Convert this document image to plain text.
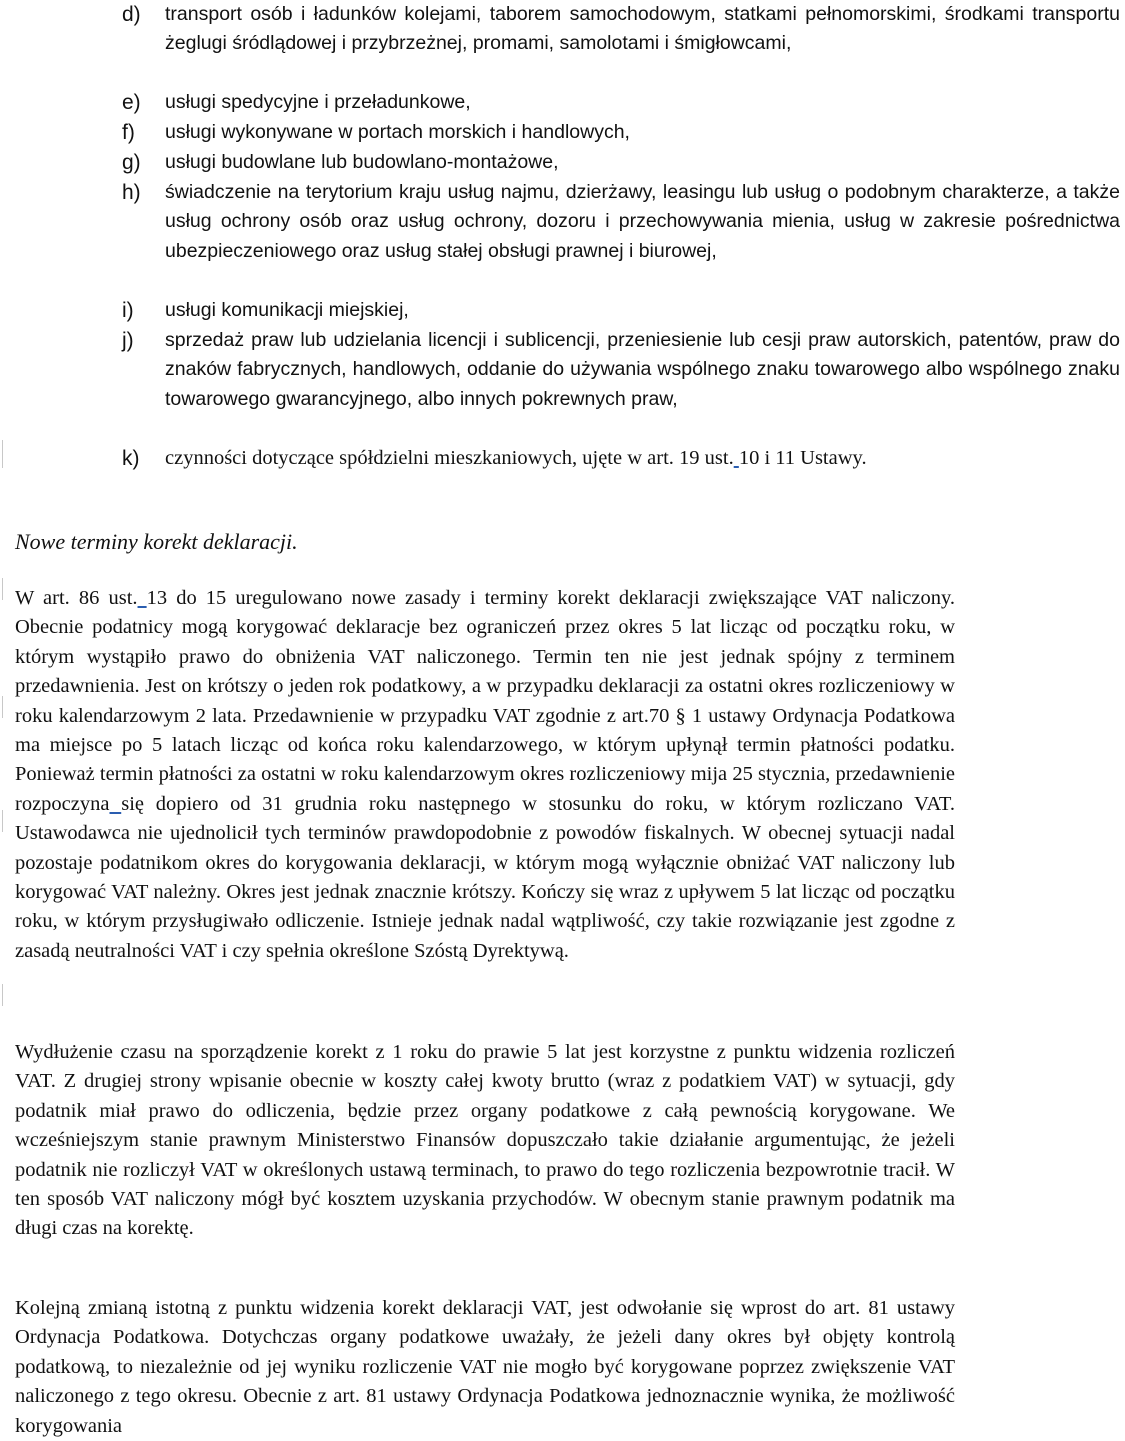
d) transport osób i ładunków kolejami, taborem samochodowym, statkami pełnomorskimi, środkami transportu żeglugi śródlądowej i przybrzeżnej, promami, samolotami i śmigłowcami,
e) usługi spedycyjne i przeładunkowe,
f) usługi wykonywane w portach morskich i handlowych,
g) usługi budowlane lub budowlano-montażowe,
h) świadczenie na terytorium kraju usług najmu, dzierżawy, leasingu lub usług o podobnym charakterze, a także usług ochrony osób oraz usług ochrony, dozoru i przechowywania mienia, usług w zakresie pośrednictwa ubezpieczeniowego oraz usług stałej obsługi prawnej i biurowej,
i) usługi komunikacji miejskiej,
j) sprzedaż praw lub udzielania licencji i sublicencji, przeniesienie lub cesji praw autorskich, patentów, praw do znaków fabrycznych, handlowych, oddanie do używania wspólnego znaku towarowego albo wspólnego znaku towarowego gwarancyjnego, albo innych pokrewnych praw,
k) czynności dotyczące spółdzielni mieszkaniowych, ujęte w art. 19 ust. 10 i 11 Ustawy.

Nowe terminy korekt deklaracji.

W art. 86 ust. 13 do 15 uregulowano nowe zasady i terminy korekt deklaracji zwiększające VAT naliczony. Obecnie podatnicy mogą korygować deklaracje bez ograniczeń przez okres 5 lat licząc od początku roku, w którym wystąpiło prawo do obniżenia VAT naliczonego. Termin ten nie jest jednak spójny z terminem przedawnienia. Jest on krótszy o jeden rok podatkowy, a w przypadku deklaracji za ostatni okres rozliczeniowy w roku kalendarzowym 2 lata. Przedawnienie w przypadku VAT zgodnie z art.70 § 1 ustawy Ordynacja Podatkowa ma miejsce po 5 latach licząc od końca roku kalendarzowego, w którym upłynął termin płatności podatku. Ponieważ termin płatności za ostatni w roku kalendarzowym okres rozliczeniowy mija 25 stycznia, przedawnienie rozpoczyna się dopiero od 31 grudnia roku następnego w stosunku do roku, w którym rozliczano VAT. Ustawodawca nie ujednolicił tych terminów prawdopodobnie z powodów fiskalnych. W obecnej sytuacji nadal pozostaje podatnikom okres do korygowania deklaracji, w którym mogą wyłącznie obniżać VAT naliczony lub korygować VAT należny. Okres jest jednak znacznie krótszy. Kończy się wraz z upływem 5 lat licząc od początku roku, w którym przysługiwało odliczenie. Istnieje jednak nadal wątpliwość, czy takie rozwiązanie jest zgodne z zasadą neutralności VAT i czy spełnia określone Szóstą Dyrektywą.

Wydłużenie czasu na sporządzenie korekt z 1 roku do prawie 5 lat jest korzystne z punktu widzenia rozliczeń VAT. Z drugiej strony wpisanie obecnie w koszty całej kwoty brutto (wraz z podatkiem VAT) w sytuacji, gdy podatnik miał prawo do odliczenia, będzie przez organy podatkowe z całą pewnością korygowane. We wcześniejszym stanie prawnym Ministerstwo Finansów dopuszczało takie działanie argumentując, że jeżeli podatnik nie rozliczył VAT w określonych ustawą terminach, to prawo do tego rozliczenia bezpowrotnie tracił. W ten sposób VAT naliczony mógł być kosztem uzyskania przychodów. W obecnym stanie prawnym podatnik ma długi czas na korektę.

Kolejną zmianą istotną z punktu widzenia korekt deklaracji VAT, jest odwołanie się wprost do art. 81 ustawy Ordynacja Podatkowa. Dotychczas organy podatkowe uważały, że jeżeli dany okres był objęty kontrolą podatkową, to niezależnie od jej wyniku rozliczenie VAT nie mogło być korygowane poprzez zwiększenie VAT naliczonego z tego okresu. Obecnie z art. 81 ustawy Ordynacja Podatkowa jednoznacznie wynika, że możliwość korygowania
